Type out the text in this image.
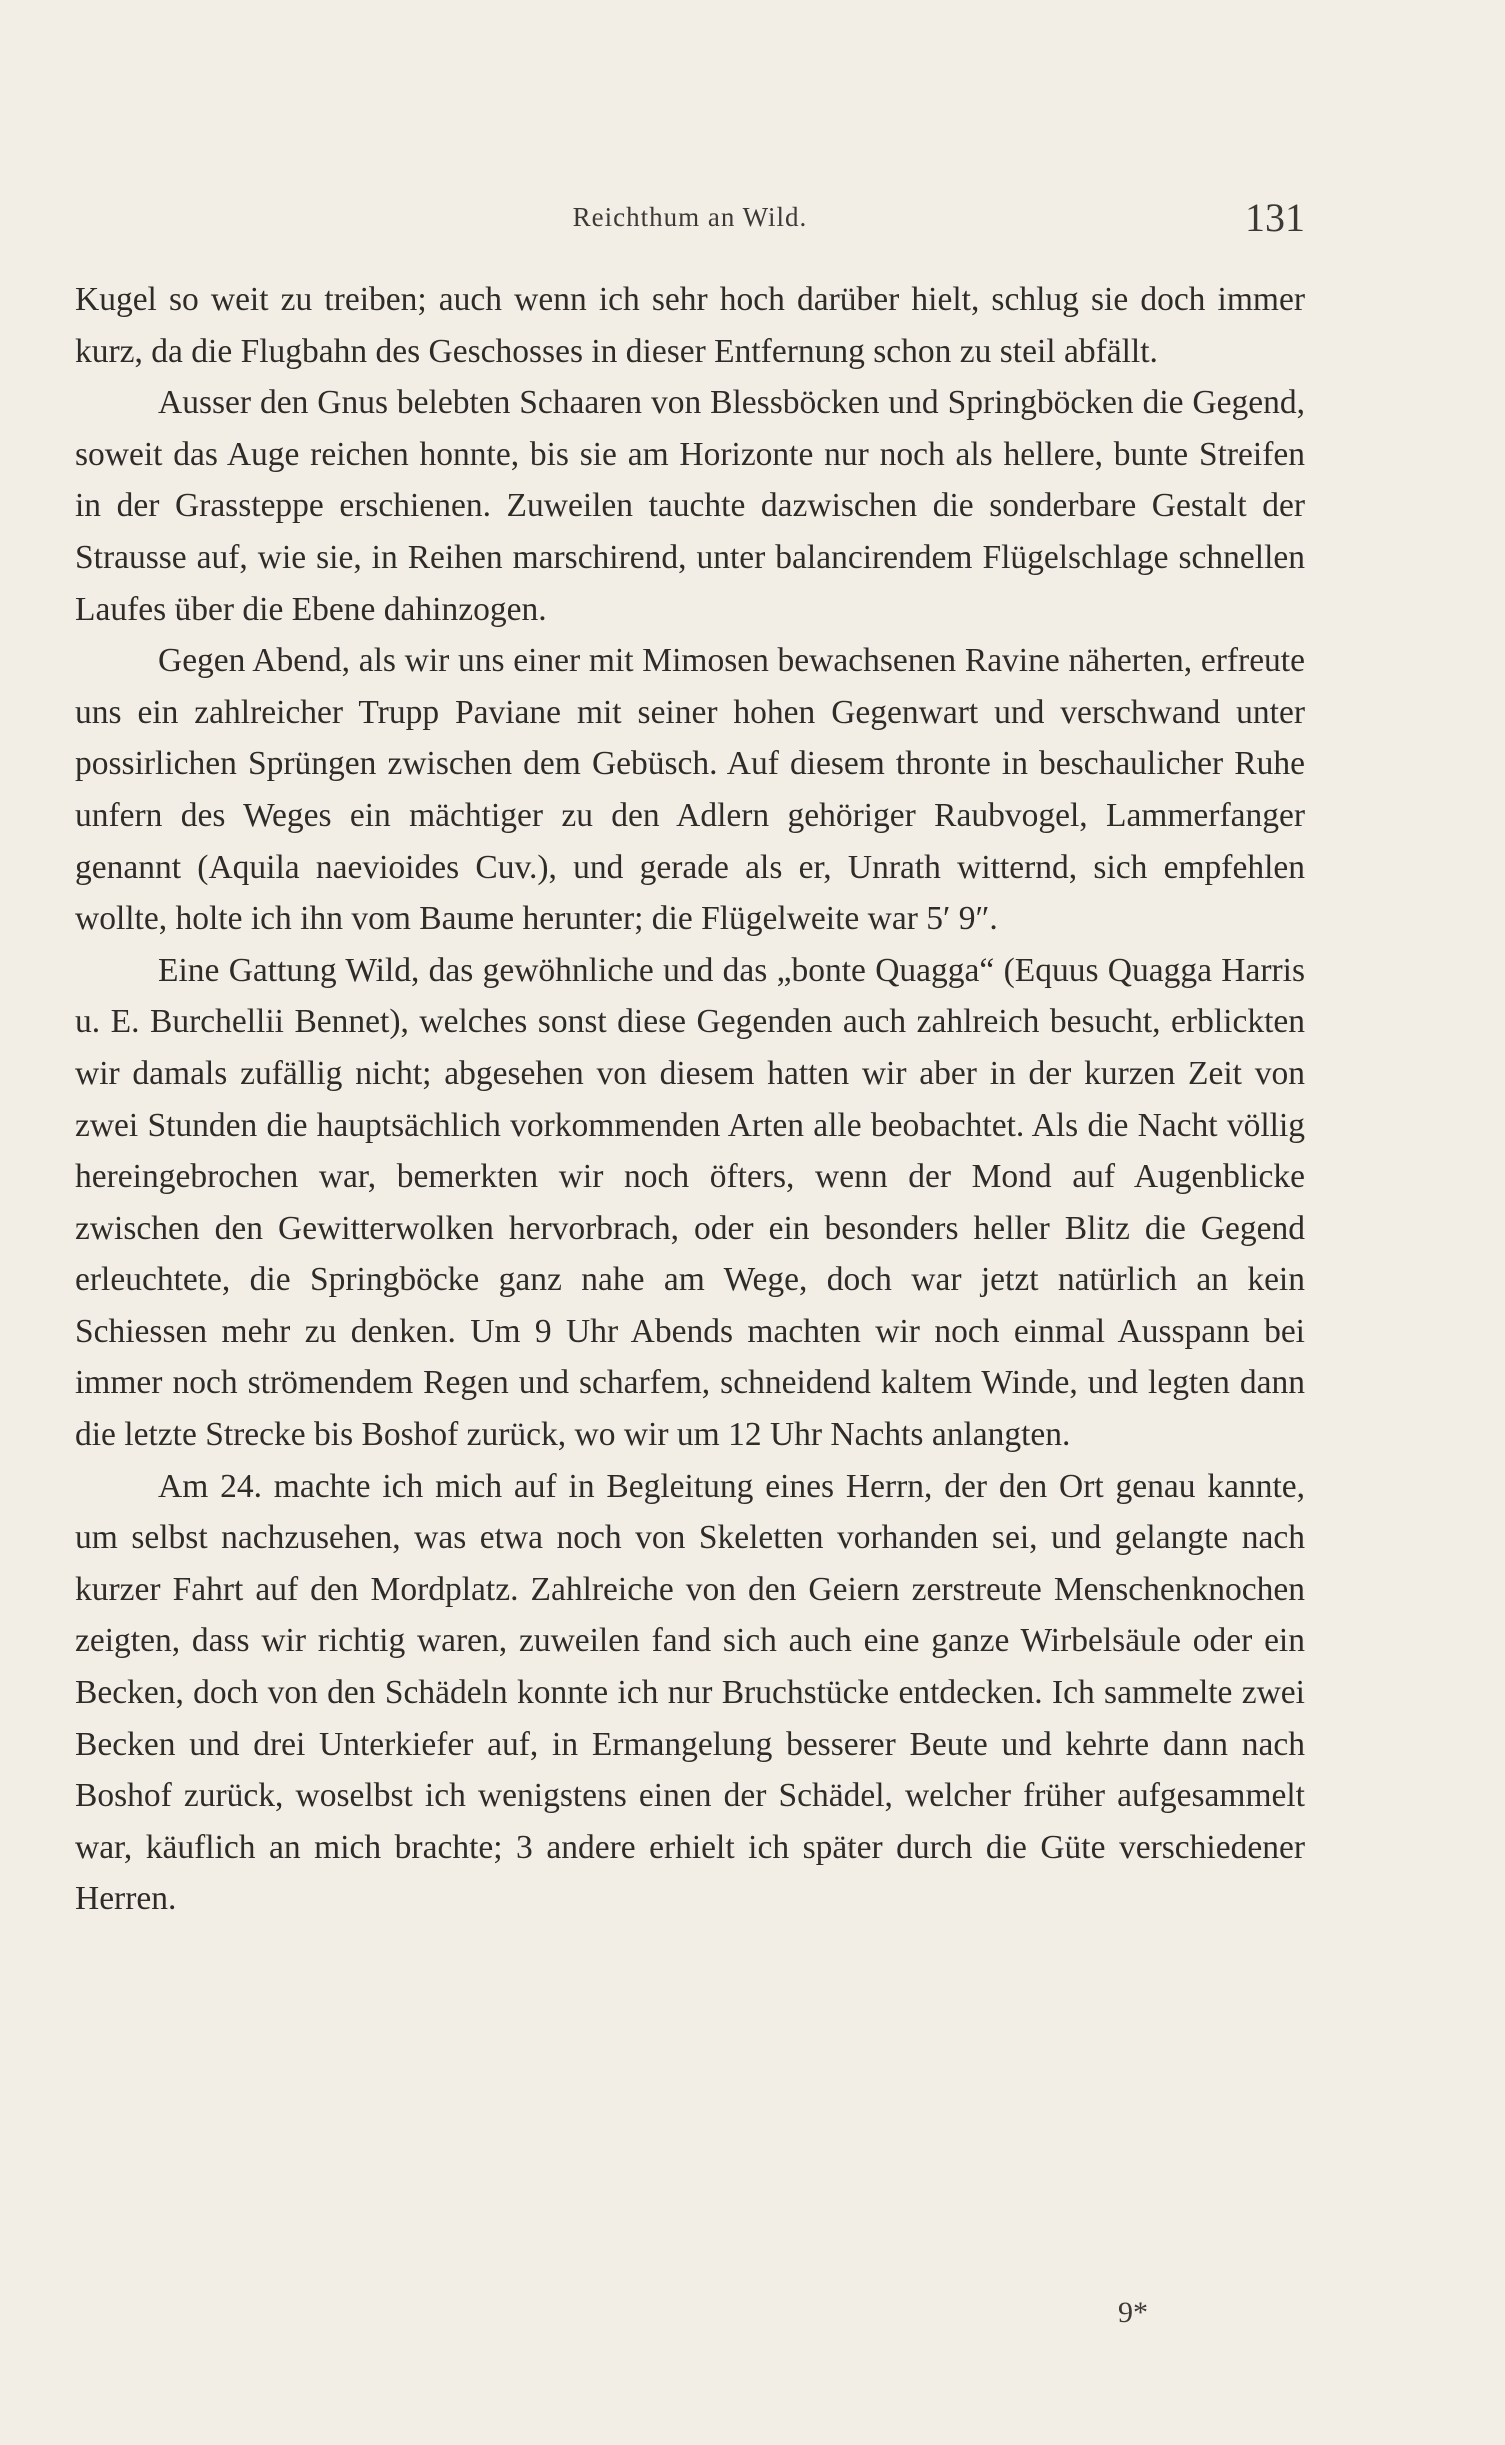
Reichthum an Wild.	131

Kugel so weit zu treiben; auch wenn ich sehr hoch darüber hielt, schlug sie doch immer kurz, da die Flugbahn des Geschosses in dieser Entfernung schon zu steil abfällt.

Ausser den Gnus belebten Schaaren von Blessböcken und Springböcken die Gegend, soweit das Auge reichen honnte, bis sie am Horizonte nur noch als hellere, bunte Streifen in der Grassteppe erschienen. Zuweilen tauchte dazwischen die sonderbare Gestalt der Strausse auf, wie sie, in Reihen marschirend, unter balancirendem Flügelschlage schnellen Laufes über die Ebene dahinzogen.

Gegen Abend, als wir uns einer mit Mimosen bewachsenen Ravine näherten, erfreute uns ein zahlreicher Trupp Paviane mit seiner hohen Gegenwart und verschwand unter possirlichen Sprüngen zwischen dem Gebüsch. Auf diesem thronte in beschaulicher Ruhe unfern des Weges ein mächtiger zu den Adlern gehöriger Raubvogel, Lammerfanger genannt (Aquila naevioides Cuv.), und gerade als er, Unrath witternd, sich empfehlen wollte, holte ich ihn vom Baume herunter; die Flügelweite war 5′ 9″.

Eine Gattung Wild, das gewöhnliche und das „bonte Quagga“ (Equus Quagga Harris u. E. Burchellii Bennet), welches sonst diese Gegenden auch zahlreich besucht, erblickten wir damals zufällig nicht; abgesehen von diesem hatten wir aber in der kurzen Zeit von zwei Stunden die hauptsächlich vorkommenden Arten alle beobachtet. Als die Nacht völlig hereingebrochen war, bemerkten wir noch öfters, wenn der Mond auf Augenblicke zwischen den Gewitterwolken hervorbrach, oder ein besonders heller Blitz die Gegend erleuchtete, die Springböcke ganz nahe am Wege, doch war jetzt natürlich an kein Schiessen mehr zu denken. Um 9 Uhr Abends machten wir noch einmal Ausspann bei immer noch strömendem Regen und scharfem, schneidend kaltem Winde, und legten dann die letzte Strecke bis Boshof zurück, wo wir um 12 Uhr Nachts anlangten.

Am 24. machte ich mich auf in Begleitung eines Herrn, der den Ort genau kannte, um selbst nachzusehen, was etwa noch von Skeletten vorhanden sei, und gelangte nach kurzer Fahrt auf den Mordplatz. Zahlreiche von den Geiern zerstreute Menschenknochen zeigten, dass wir richtig waren, zuweilen fand sich auch eine ganze Wirbelsäule oder ein Becken, doch von den Schädeln konnte ich nur Bruchstücke entdecken. Ich sammelte zwei Becken und drei Unterkiefer auf, in Ermangelung besserer Beute und kehrte dann nach Boshof zurück, woselbst ich wenigstens einen der Schädel, welcher früher aufgesammelt war, käuflich an mich brachte; 3 andere erhielt ich später durch die Güte verschiedener Herren.

9*
